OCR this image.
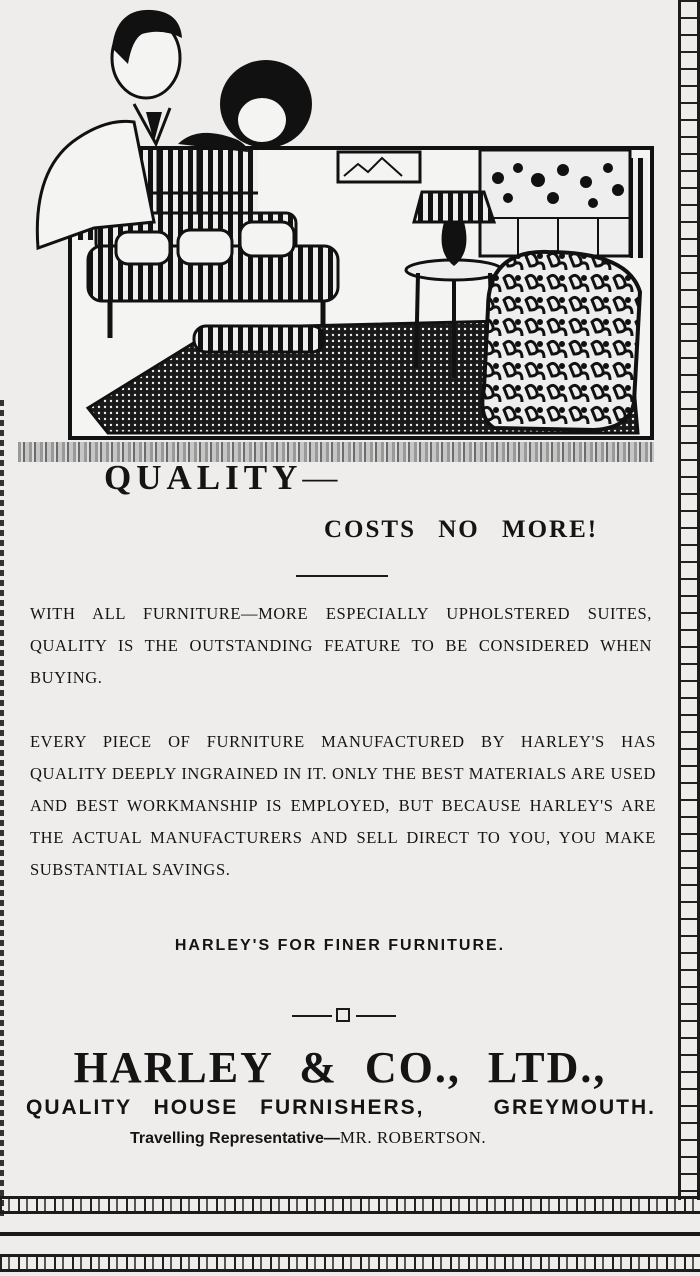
QUALITY—
COSTS NO MORE!

WITH ALL FURNITURE—MORE ESPECIALLY UPHOLSTERED SUITES, QUALITY IS THE OUTSTANDING FEATURE TO BE CONSIDERED WHEN BUYING.

EVERY PIECE OF FURNITURE MANUFACTURED BY HARLEY'S HAS QUALITY DEEPLY INGRAINED IN IT. ONLY THE BEST MATERIALS ARE USED AND BEST WORKMANSHIP IS EMPLOYED, BUT BECAUSE HARLEY'S ARE THE ACTUAL MANUFACTURERS AND SELL DIRECT TO YOU, YOU MAKE SUBSTANTIAL SAVINGS.

HARLEY'S FOR FINER FURNITURE.

HARLEY & CO., LTD.,
QUALITY HOUSE FURNISHERS,	GREYMOUTH.
Travelling Representative—MR. ROBERTSON.
